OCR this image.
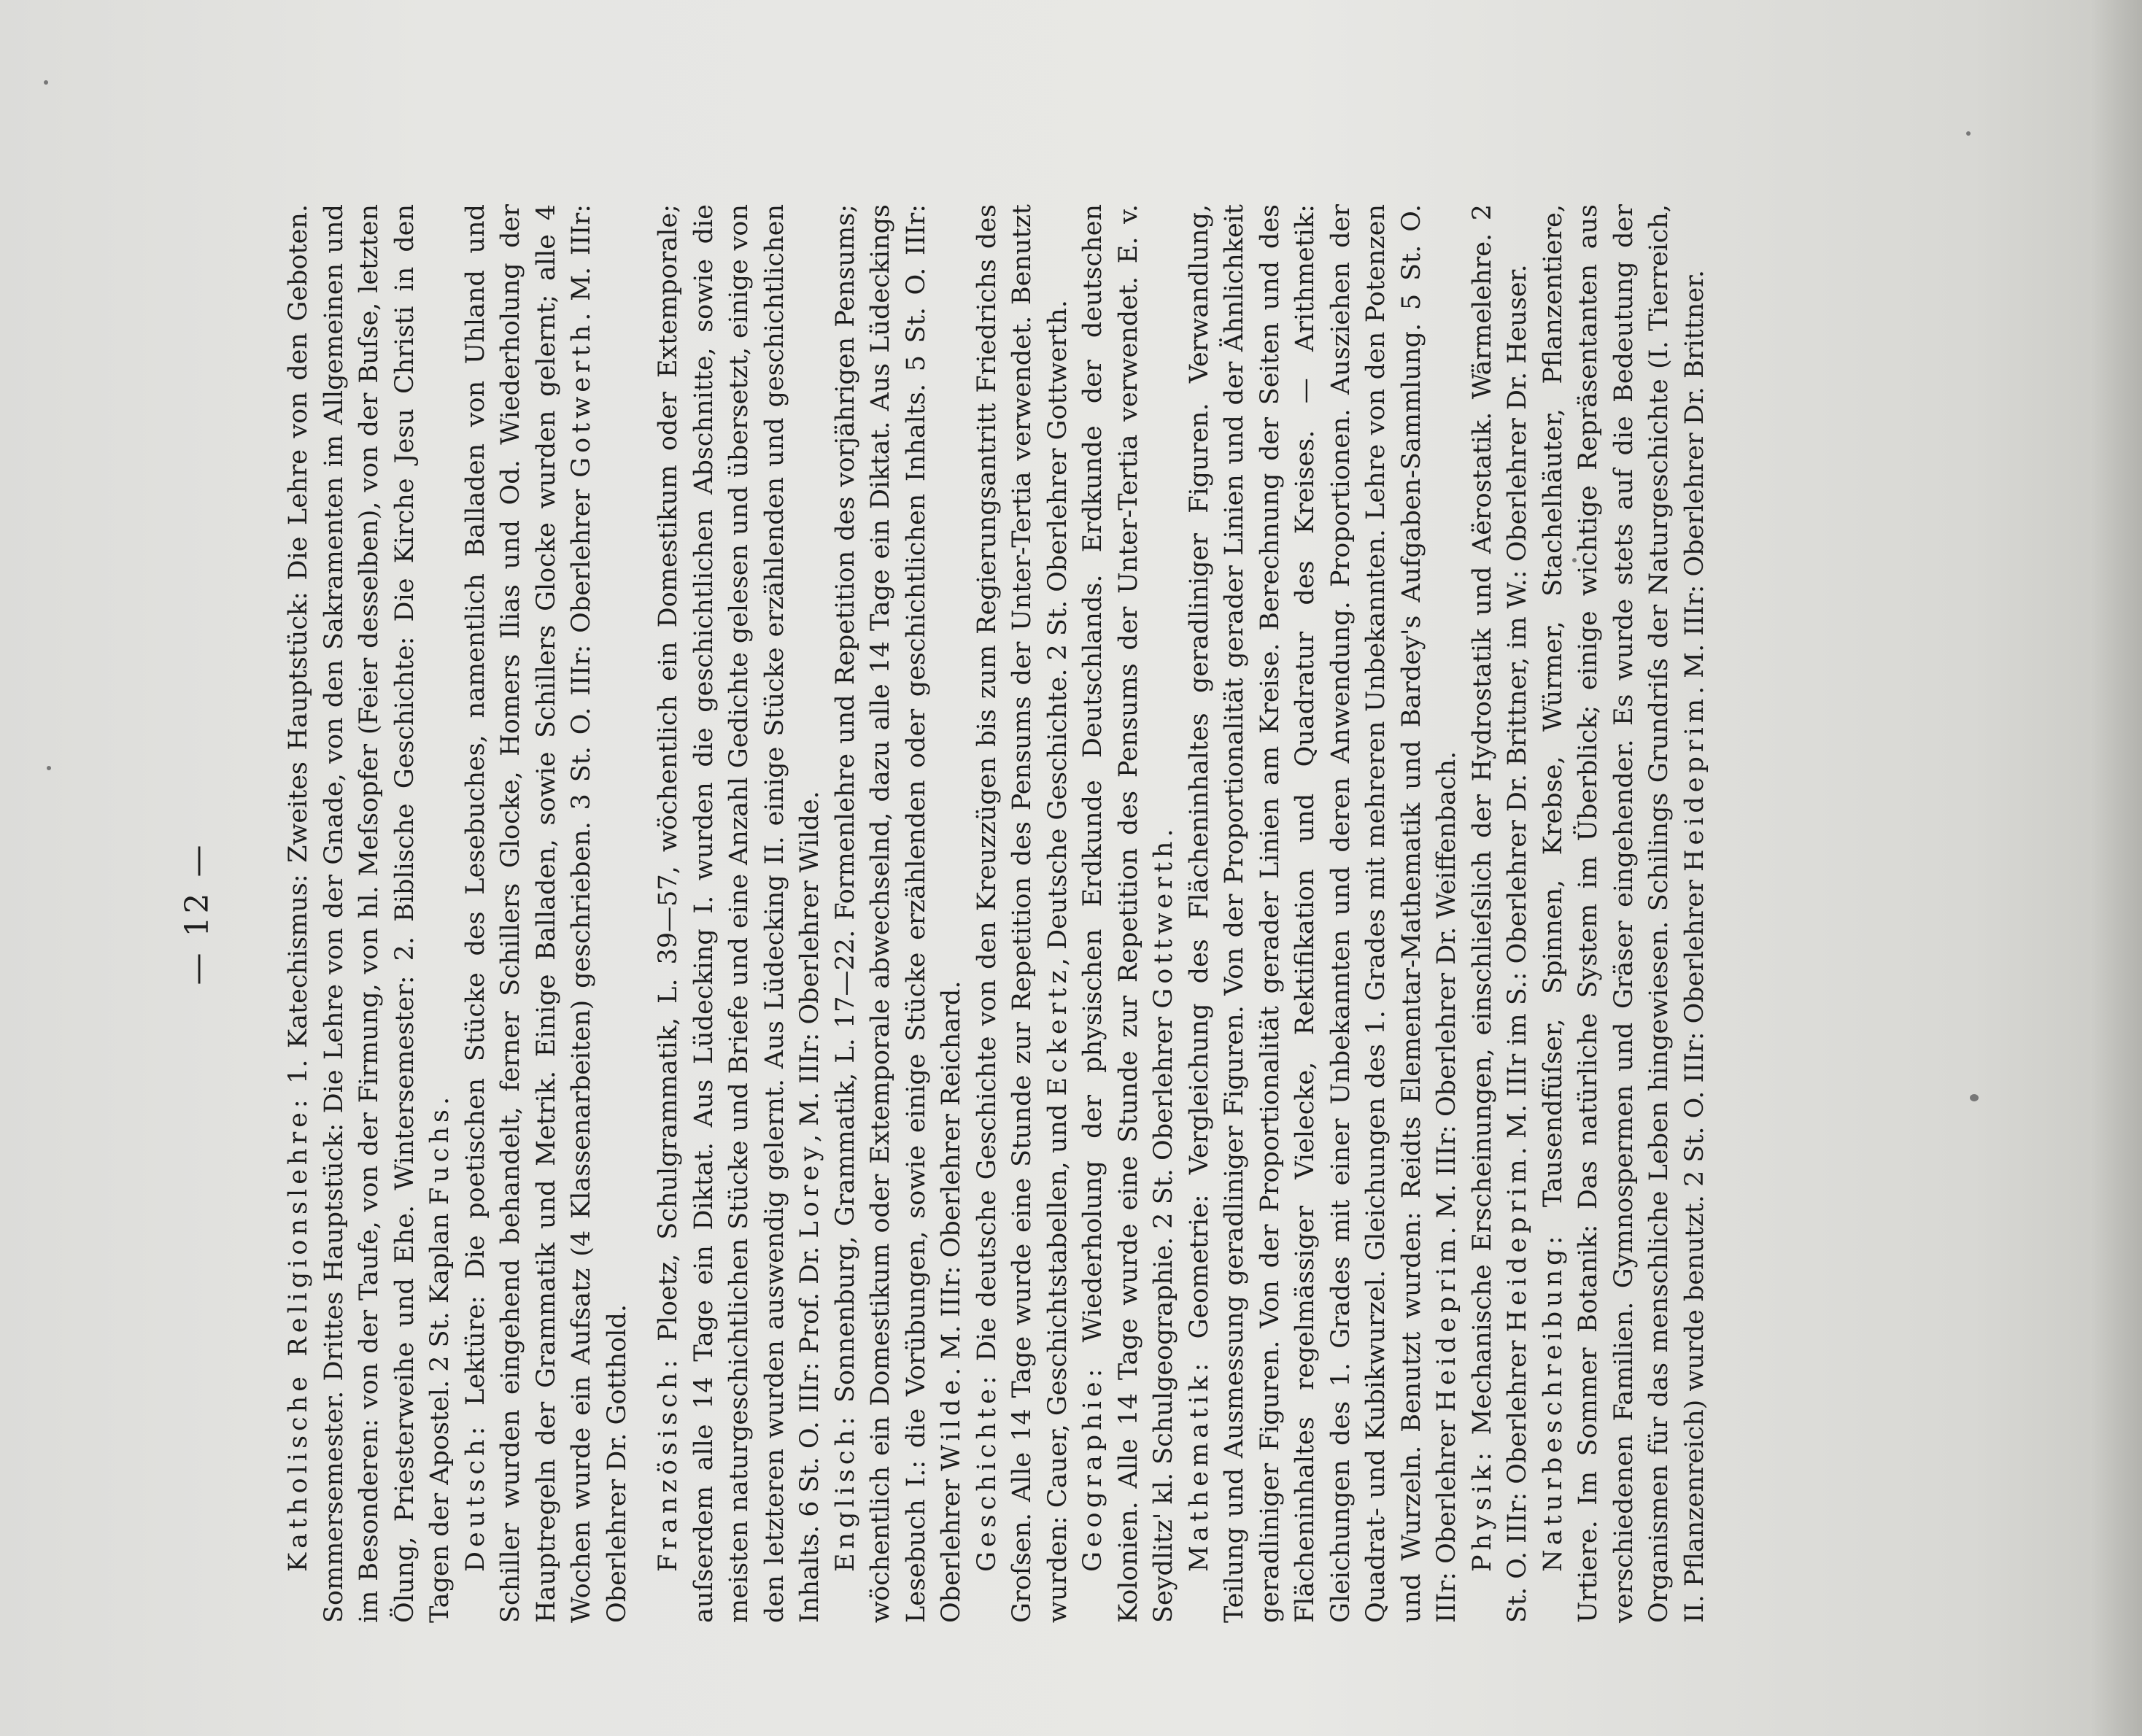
— 12 —

Katholische Religionslehre: 1. Katechismus: Zweites Hauptstück: Die Lehre von den Geboten. Sommersemester. Drittes Hauptstück: Die Lehre von der Gnade, von den Sakramenten im Allgemeinen und im Besonderen: von der Taufe, von der Firmung, von hl. Meſsopfer (Feier desselben), von der Buſse, letzten Ölung, Priesterweihe und Ehe. Wintersemester: 2. Biblische Geschichte: Die Kirche Jesu Christi in den Tagen der Apostel. 2 St. Kaplan Fuchs.

Deutsch: Lektüre: Die poetischen Stücke des Lesebuches, namentlich Balladen von Uhland und Schiller wurden eingehend behandelt, ferner Schillers Glocke, Homers Ilias und Od. Wiederholung der Hauptregeln der Grammatik und Metrik. Einige Balladen, sowie Schillers Glocke wurden gelernt; alle 4 Wochen wurde ein Aufsatz (4 Klassenarbeiten) geschrieben. 3 St. O. IIIr: Oberlehrer Gotwerth. M. IIIr: Oberlehrer Dr. Gotthold. Französisch: Ploetz, Schulgrammatik, L. 39—57, wöchentlich ein Domestikum oder Extemporale; auſserdem alle 14 Tage ein Diktat. Aus Lüdecking I. wurden die geschichtlichen Abschnitte, sowie die meisten naturgeschichtlichen Stücke und Briefe und eine Anzahl Gedichte gelesen und übersetzt, einige von den letzteren wurden auswendig gelernt. Aus Lüdecking II. einige Stücke erzählenden und geschichtlichen Inhalts. 6 St. O. IIIr: Prof. Dr. Lorey, M. IIIr: Oberlehrer Wilde.

Englisch: Sonnenburg, Grammatik, L. 17—22. Formenlehre und Repetition des vorjährigen Pensums; wöchentlich ein Domestikum oder Extemporale abwechselnd, dazu alle 14 Tage ein Diktat. Aus Lüdeckings Lesebuch I.: die Vorübungen, sowie einige Stücke erzählenden oder geschichtlichen Inhalts. 5 St. O. IIIr: Oberlehrer Wilde. M. IIIr: Oberlehrer Reichard.

Geschichte: Die deutsche Geschichte von den Kreuzzügen bis zum Regierungsantritt Friedrichs des Groſsen. Alle 14 Tage wurde eine Stunde zur Repetition des Pensums der Unter-Tertia verwendet. Benutzt wurden: Cauer, Geschichtstabellen, und Eckertz, Deutsche Geschichte. 2 St. Oberlehrer Gottwerth.

Geographie: Wiederholung der physischen Erdkunde Deutschlands. Erdkunde der deutschen Kolonien. Alle 14 Tage wurde eine Stunde zur Repetition des Pensums der Unter-Tertia verwendet. E. v. Seydlitz' kl. Schulgeographie. 2 St. Oberlehrer Gottwerth.

Mathematik: Geometrie: Vergleichung des Flächeninhaltes geradliniger Figuren. Verwandlung, Teilung und Ausmessung geradliniger Figuren. Von der Proportionalität gerader Linien und der Ähnlichkeit geradliniger Figuren. Von der Proportionalität gerader Linien am Kreise. Berechnung der Seiten und des Flächeninhaltes regelmässiger Vielecke, Rektifikation und Quadratur des Kreises. — Arithmetik: Gleichungen des 1. Grades mit einer Unbekannten und deren Anwendung. Proportionen. Ausziehen der Quadrat- und Kubikwurzel. Gleichungen des 1. Grades mit mehreren Unbekannten. Lehre von den Potenzen und Wurzeln. Benutzt wurden: Reidts Elementar-Mathematik und Bardey's Aufgaben-Sammlung. 5 St. O. IIIr: Oberlehrer Heideprim. M. IIIr: Oberlehrer Dr. Weiffenbach.

Physik: Mechanische Erscheinungen, einschlieſslich der Hydrostatik und Aërostatik. Wärmelehre. 2 St. O. IIIr: Oberlehrer Heideprim. M. IIIr im S.: Oberlehrer Dr. Brittner, im W.: Oberlehrer Dr. Heuser.

Naturbeschreibung: Tausendfüſser, Spinnen, Krebse, Würmer, Stachelhäuter, Pflanzentiere, Urtiere. Im Sommer Botanik: Das natürliche System im Überblick; einige wichtige Repräsentanten aus verschiedenen Familien. Gymnospermen und Gräser eingehender. Es wurde stets auf die Bedeutung der Organismen für das menschliche Leben hingewiesen. Schilings Grundriſs der Naturgeschichte (I. Tierreich, II. Pflanzenreich) wurde benutzt. 2 St. O. IIIr: Oberlehrer Heideprim. M. IIIr: Oberlehrer Dr. Brittner.
